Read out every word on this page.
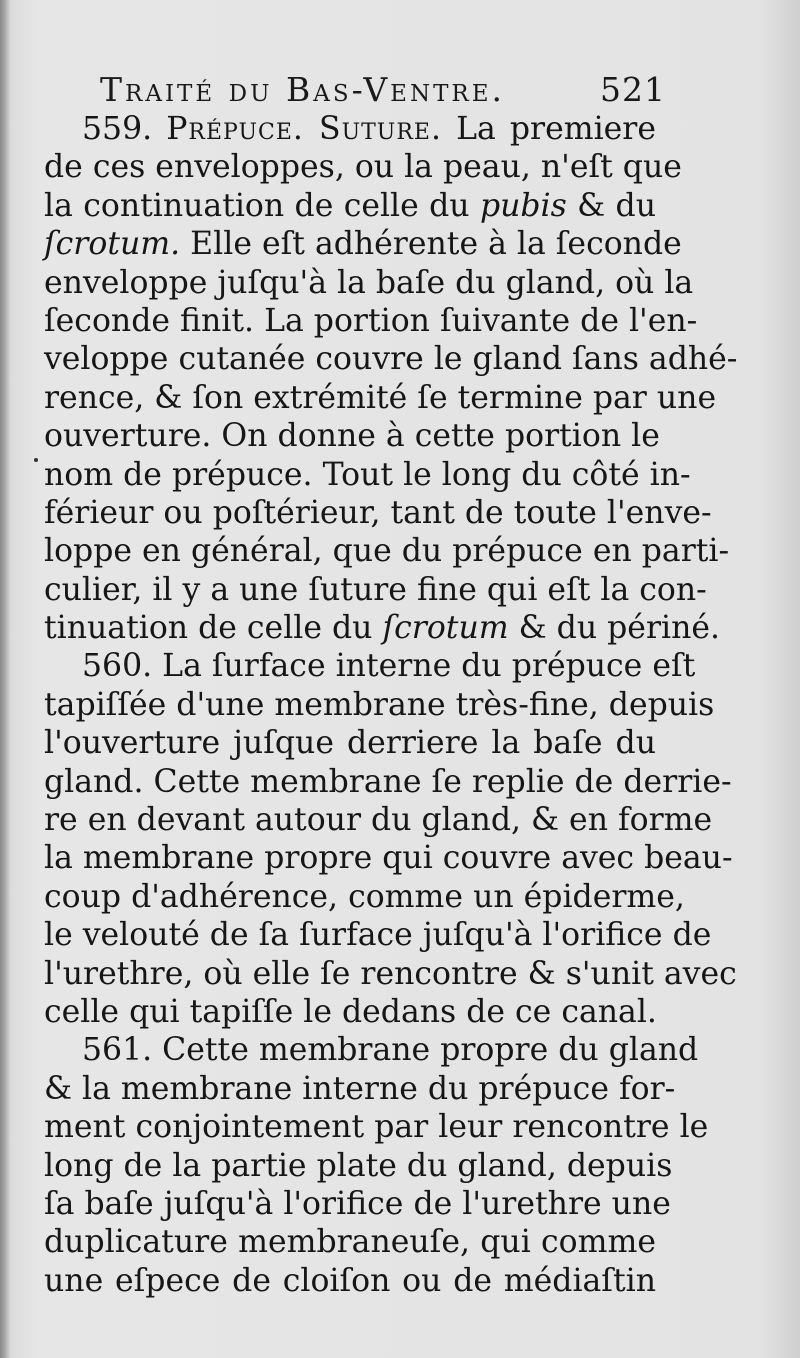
Traité du Bas-Ventre.	521
559. Prépuce. Suture. La premiere
de ces enveloppes, ou la peau, n'eſt que
la continuation de celle du pubis & du
ſcrotum. Elle eſt adhérente à la ſeconde
enveloppe juſqu'à la baſe du gland, où la
ſeconde finit. La portion ſuivante de l'en-
veloppe cutanée couvre le gland ſans adhé-
rence, & ſon extrémité ſe termine par une
ouverture. On donne à cette portion le
nom de prépuce. Tout le long du côté in-
férieur ou poſtérieur, tant de toute l'enve-
loppe en général, que du prépuce en parti-
culier, il y a une ſuture fine qui eſt la con-
tinuation de celle du ſcrotum & du périné.
560. La ſurface interne du prépuce eſt
tapiſſée d'une membrane très-fine, depuis
l'ouverture juſque derriere la baſe du
gland. Cette membrane ſe replie de derrie-
re en devant autour du gland, & en forme
la membrane propre qui couvre avec beau-
coup d'adhérence, comme un épiderme,
le velouté de ſa ſurface juſqu'à l'orifice de
l'urethre, où elle ſe rencontre & s'unit avec
celle qui tapiſſe le dedans de ce canal.
561. Cette membrane propre du gland
& la membrane interne du prépuce for-
ment conjointement par leur rencontre le
long de la partie plate du gland, depuis
ſa baſe juſqu'à l'orifice de l'urethre une
duplicature membraneuſe, qui comme
une eſpece de cloiſon ou de médiaſtin
